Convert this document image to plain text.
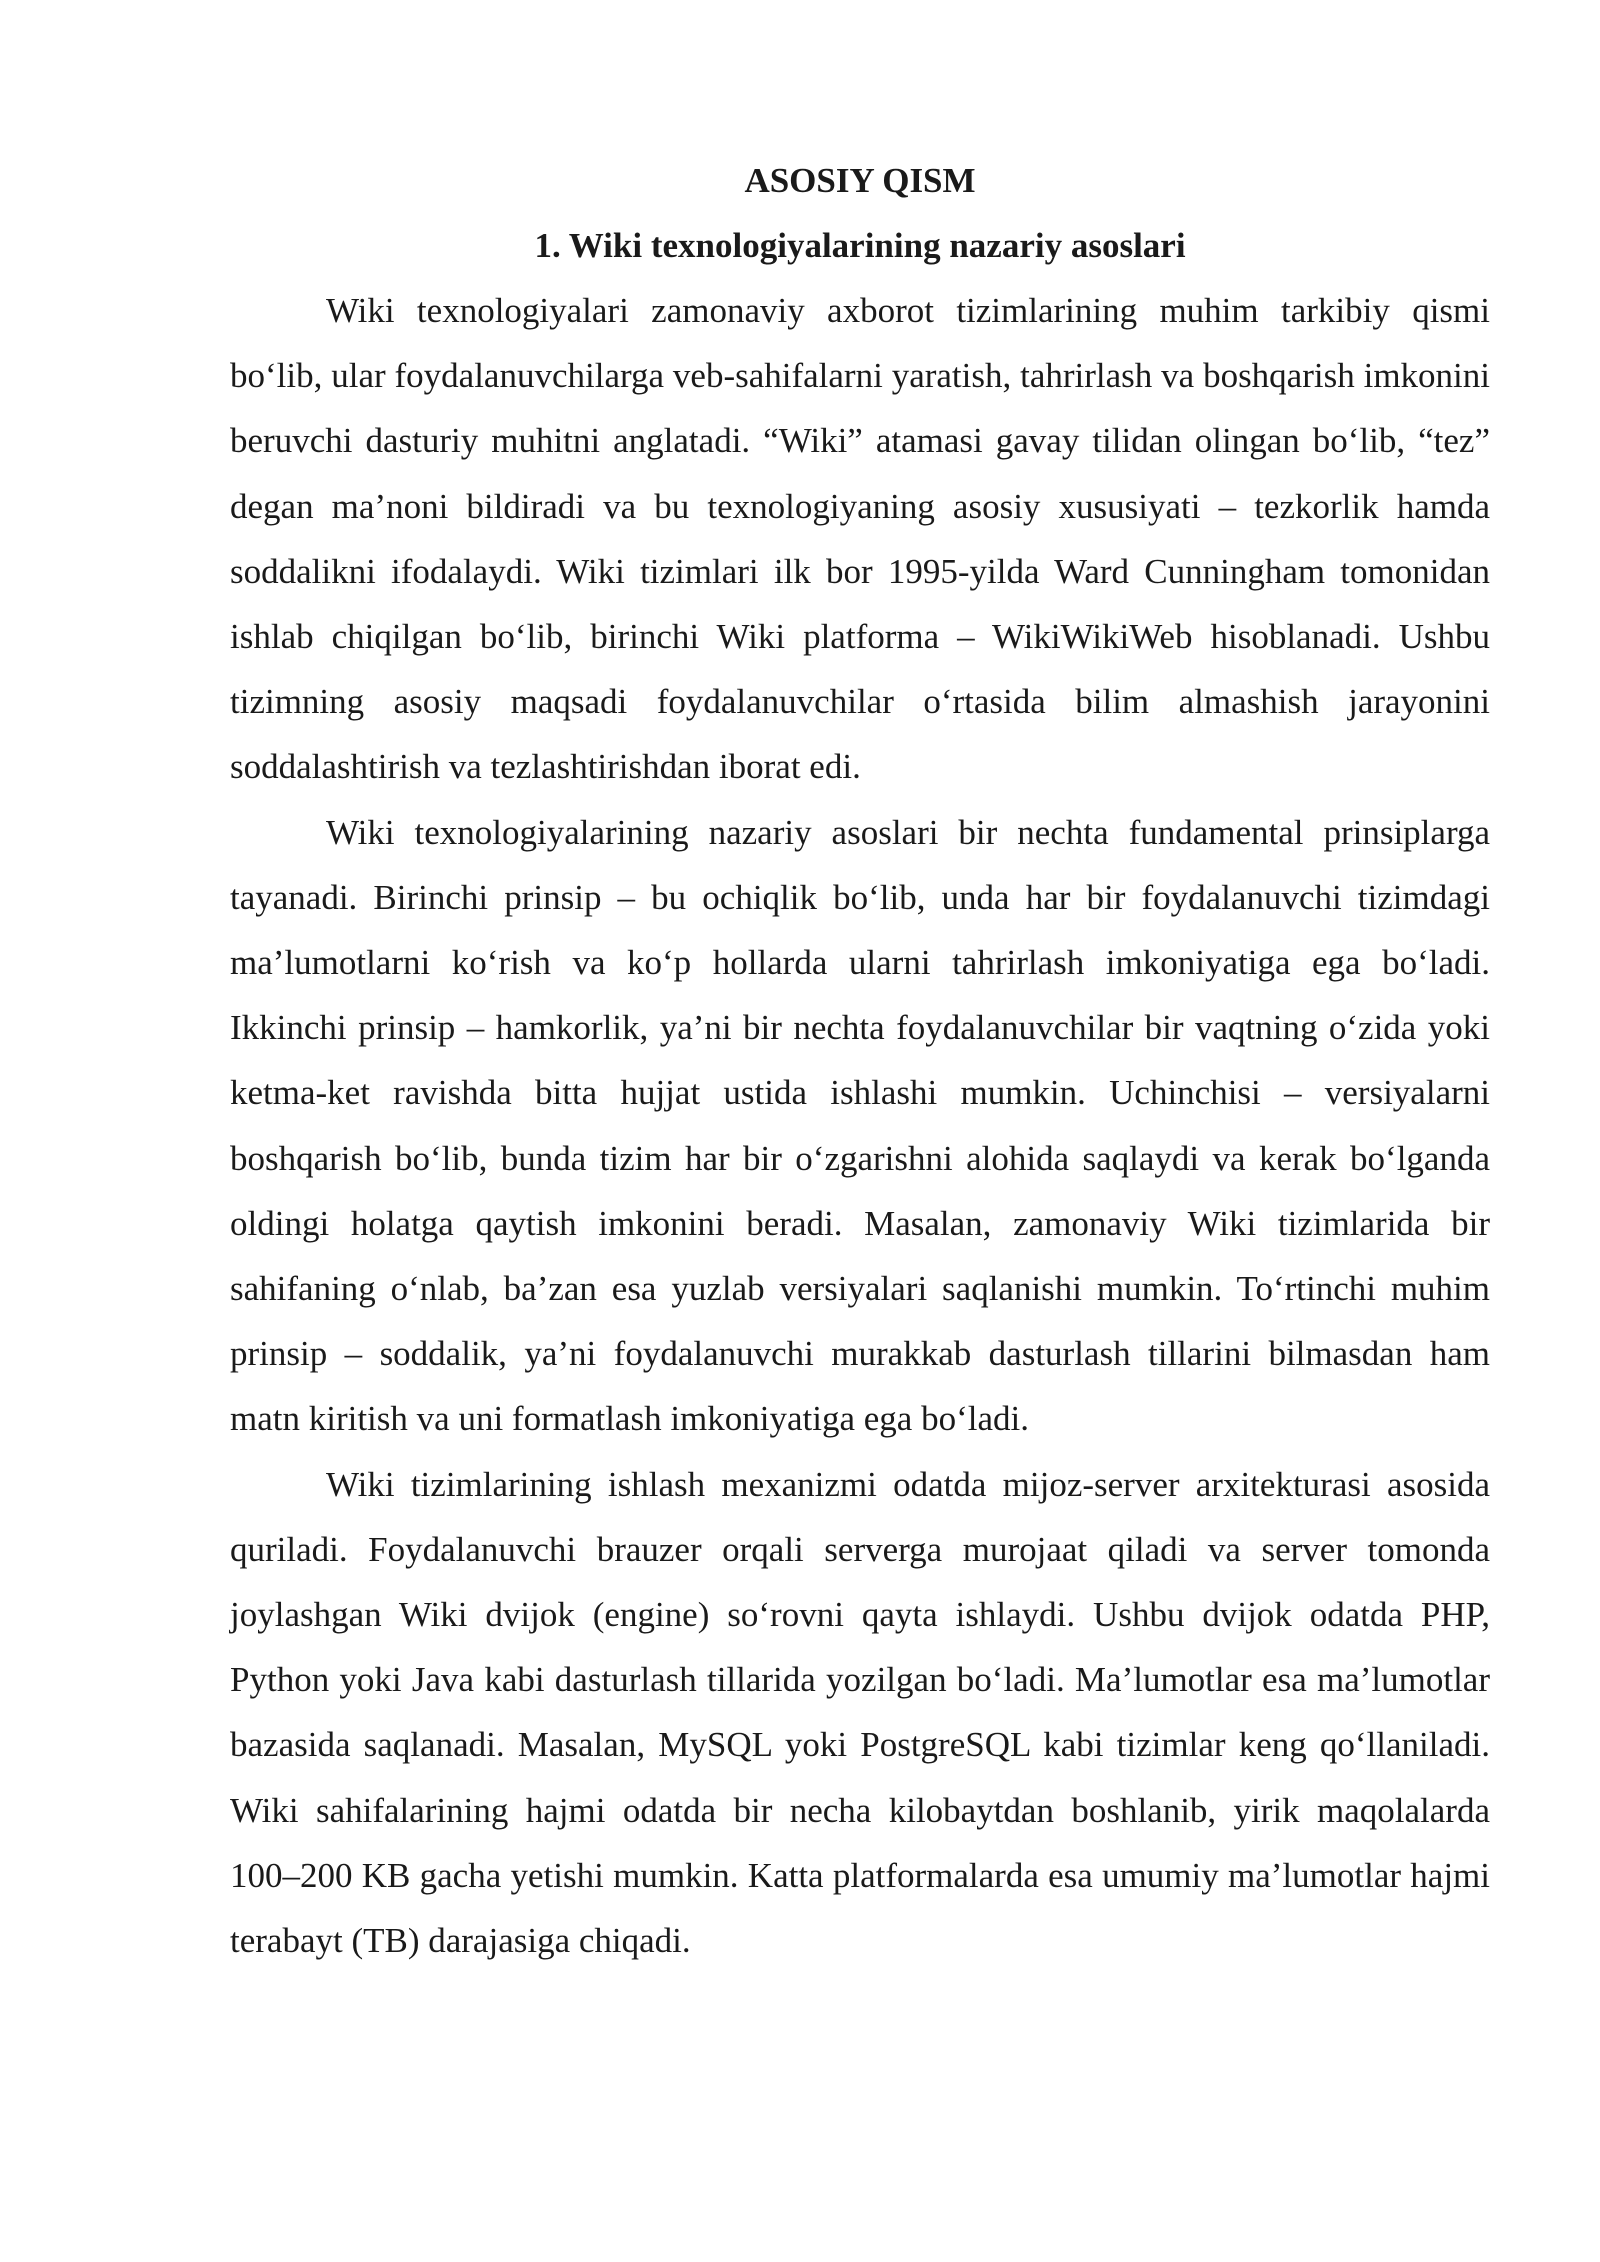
ASOSIY QISM
1. Wiki texnologiyalarining nazariy asoslari

Wiki texnologiyalari zamonaviy axborot tizimlarining muhim tarkibiy qismi bo‘lib, ular foydalanuvchilarga veb-sahifalarni yaratish, tahrirlash va boshqarish imkonini beruvchi dasturiy muhitni anglatadi. “Wiki” atamasi gavay tilidan olingan bo‘lib, “tez” degan ma’noni bildiradi va bu texnologiyaning asosiy xususiyati – tezkorlik hamda soddalikni ifodalaydi. Wiki tizimlari ilk bor 1995-yilda Ward Cunningham tomonidan ishlab chiqilgan bo‘lib, birinchi Wiki platforma – WikiWikiWeb hisoblanadi. Ushbu tizimning asosiy maqsadi foydalanuvchilar o‘rtasida bilim almashish jarayonini soddalashtirish va tezlashtirishdan iborat edi.

Wiki texnologiyalarining nazariy asoslari bir nechta fundamental prinsiplarga tayanadi. Birinchi prinsip – bu ochiqlik bo‘lib, unda har bir foydalanuvchi tizimdagi ma’lumotlarni ko‘rish va ko‘p hollarda ularni tahrirlash imkoniyatiga ega bo‘ladi. Ikkinchi prinsip – hamkorlik, ya’ni bir nechta foydalanuvchilar bir vaqtning o‘zida yoki ketma-ket ravishda bitta hujjat ustida ishlashi mumkin. Uchinchisi – versiyalarni boshqarish bo‘lib, bunda tizim har bir o‘zgarishni alohida saqlaydi va kerak bo‘lganda oldingi holatga qaytish imkonini beradi. Masalan, zamonaviy Wiki tizimlarida bir sahifaning o‘nlab, ba’zan esa yuzlab versiyalari saqlanishi mumkin. To‘rtinchi muhim prinsip – soddalik, ya’ni foydalanuvchi murakkab dasturlash tillarini bilmasdan ham matn kiritish va uni formatlash imkoniyatiga ega bo‘ladi.

Wiki tizimlarining ishlash mexanizmi odatda mijoz-server arxitekturasi asosida quriladi. Foydalanuvchi brauzer orqali serverga murojaat qiladi va server tomonda joylashgan Wiki dvijok (engine) so‘rovni qayta ishlaydi. Ushbu dvijok odatda PHP, Python yoki Java kabi dasturlash tillarida yozilgan bo‘ladi. Ma’lumotlar esa ma’lumotlar bazasida saqlanadi. Masalan, MySQL yoki PostgreSQL kabi tizimlar keng qo‘llaniladi. Wiki sahifalarining hajmi odatda bir necha kilobaytdan boshlanib, yirik maqolalarda 100–200 KB gacha yetishi mumkin. Katta platformalarda esa umumiy ma’lumotlar hajmi terabayt (TB) darajasiga chiqadi.
